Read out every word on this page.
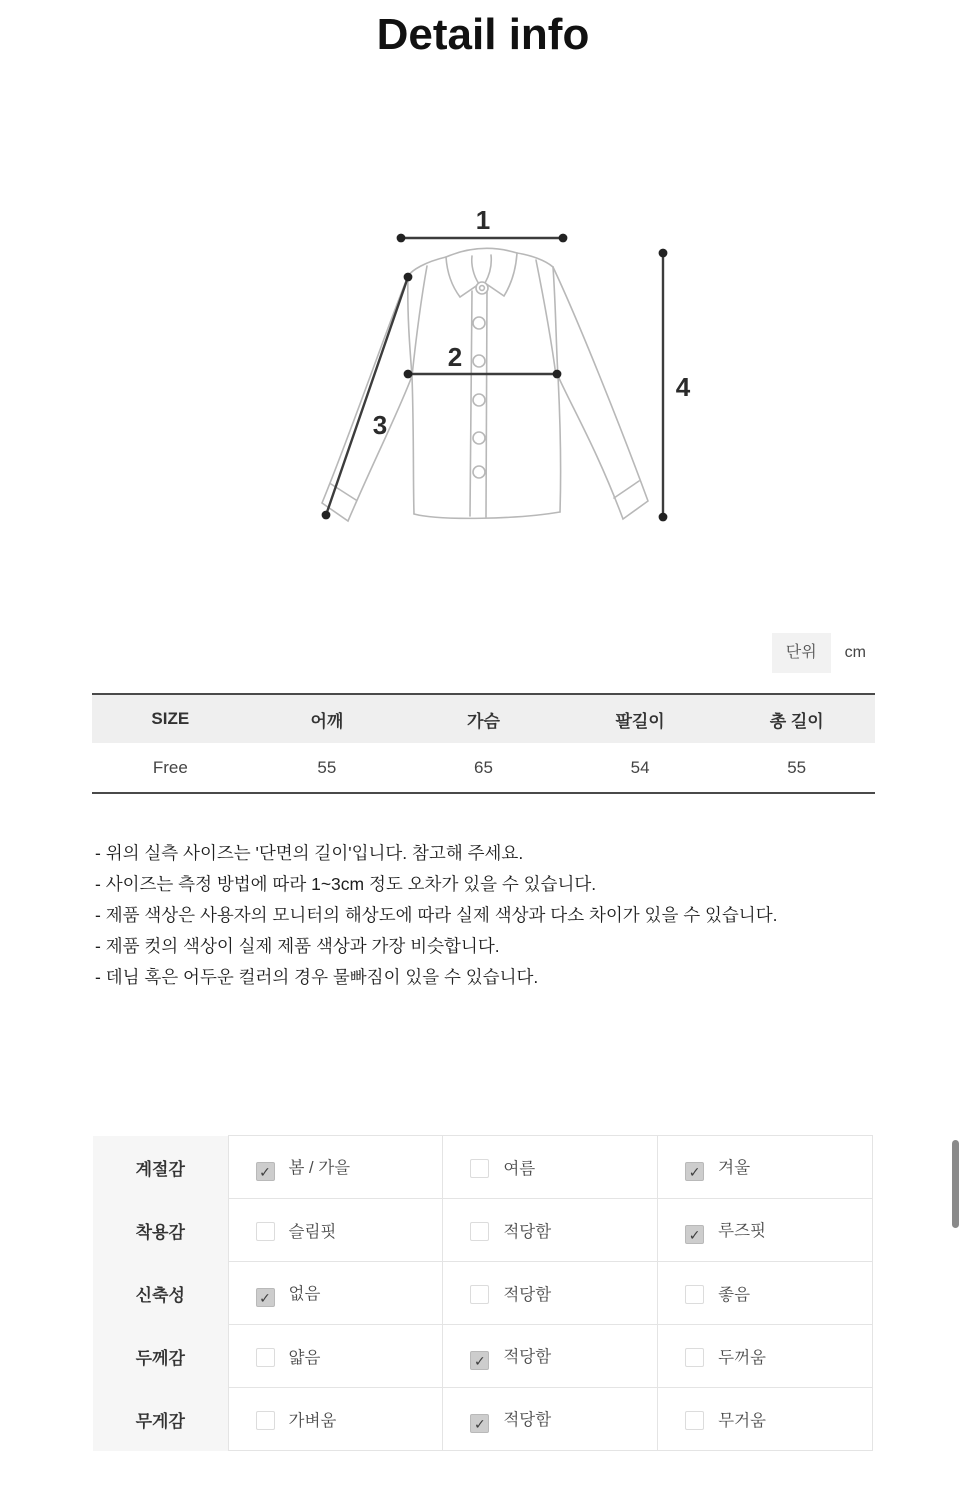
Detail info
1
2
3
4
단위	cm
SIZE	어깨	가슴	팔길이	총 길이
Free	55	65	54	55
- 위의 실측 사이즈는 '단면의 길이'입니다. 참고해 주세요.
- 사이즈는 측정 방법에 따라 1~3cm 정도 오차가 있을 수 있습니다.
- 제품 색상은 사용자의 모니터의 해상도에 따라 실제 색상과 다소 차이가 있을 수 있습니다.
- 제품 컷의 색상이 실제 제품 색상과 가장 비슷합니다.
- 데님 혹은 어두운 컬러의 경우 물빠짐이 있을 수 있습니다.
계절감	✓ 봄 / 가을	여름	✓ 겨울
착용감	슬림핏	적당함	✓ 루즈핏
신축성	✓ 없음	적당함	좋음
두께감	얇음	✓ 적당함	두꺼움
무게감	가벼움	✓ 적당함	무거움
